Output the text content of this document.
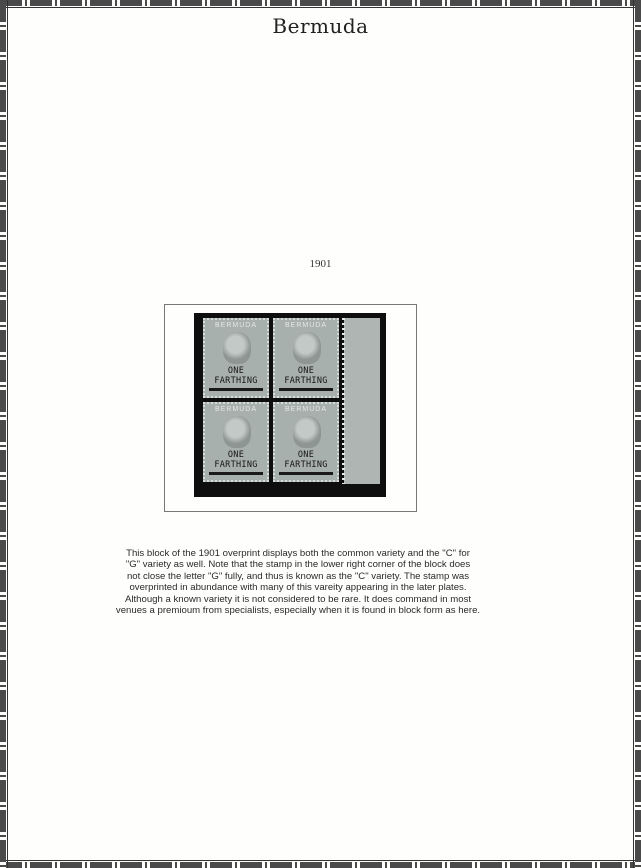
Bermuda
1901
BERMUDA
ONE
FARTHING
BERMUDA
ONE
FARTHING
BERMUDA
ONE
FARTHING
BERMUDA
ONE
FARTHING
This block of the 1901 overprint displays both the common variety and the "C" for
"G" variety as well. Note that the stamp in the lower right corner of the block does
not close the letter "G" fully, and thus is known as the "C" variety. The stamp was
overprinted in abundance with many of this vareity appearing in the later plates.
Although a known variety it is not considered to be rare. It does command in most
venues a premioum from specialists, especially when it is found in block form as here.
